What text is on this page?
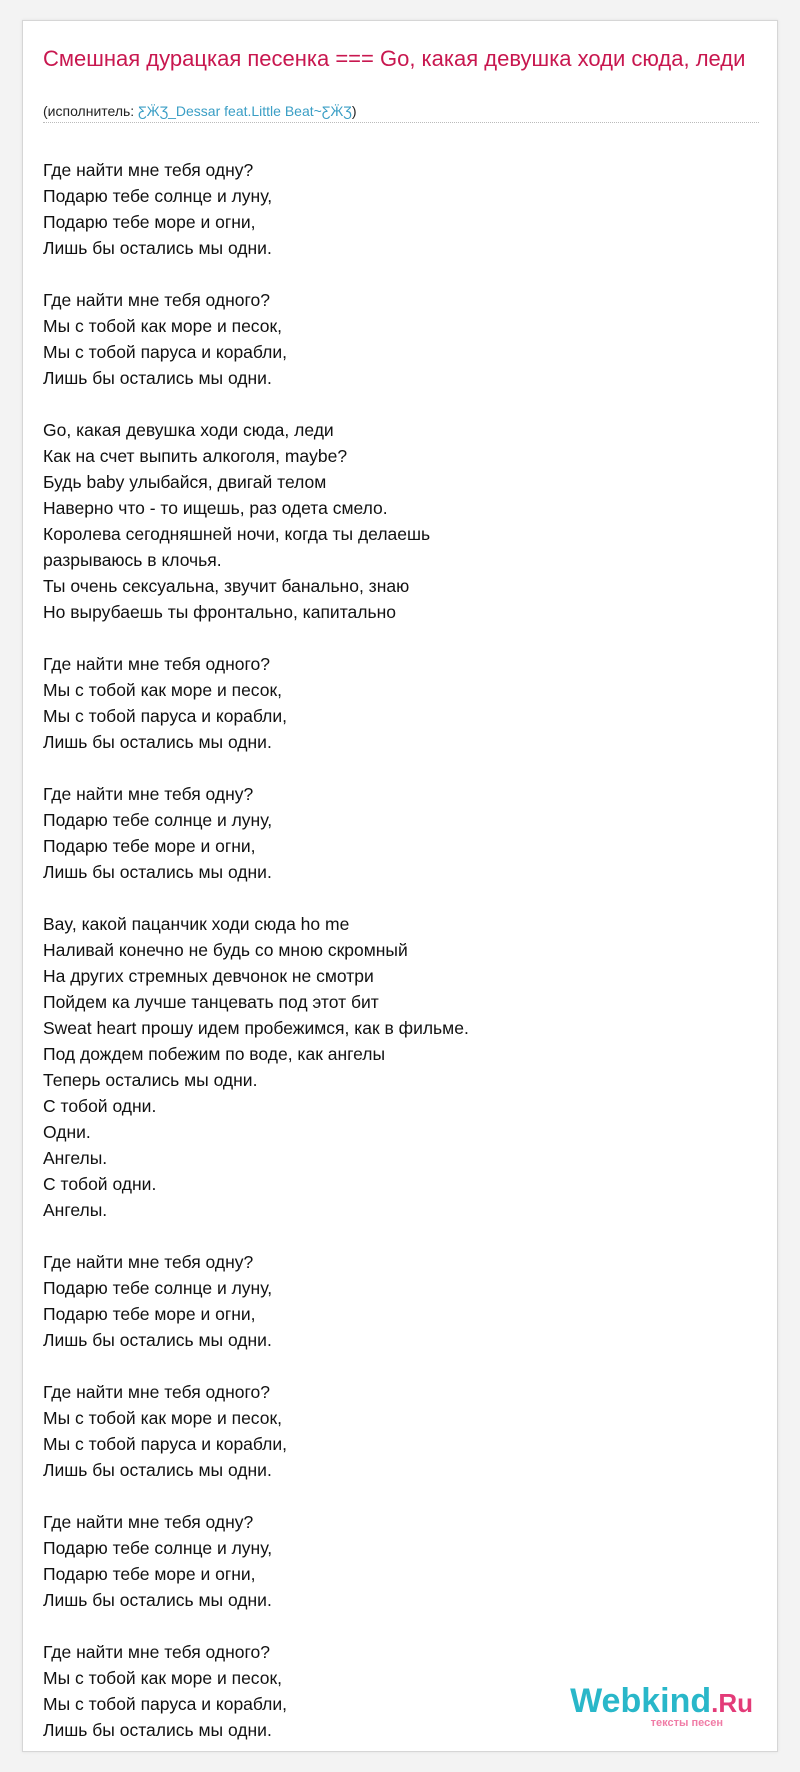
Смешная дурацкая песенка === Go, какая девушка ходи сюда, леди
(исполнитель: ƸӜƷ_Dessar feat.Little Beat~ƸӜƷ)
Где найти мне тебя одну?
Подарю тебе солнце и луну,
Подарю тебе море и огни,
Лишь бы остались мы одни.
Где найти мне тебя одного?
Мы с тобой как море и песок,
Мы с тобой паруса и корабли,
Лишь бы остались мы одни.
Go, какая девушка ходи сюда, леди
Как на счет выпить алкоголя, maybe?
Будь baby улыбайся, двигай телом
Наверно что - то ищешь, раз одета смело.
Королева сегодняшней ночи, когда ты делаешь
разрываюсь в клочья.
Ты очень сексуальна, звучит банально, знаю
Но вырубаешь ты фронтально, капитально
Где найти мне тебя одного?
Мы с тобой как море и песок,
Мы с тобой паруса и корабли,
Лишь бы остались мы одни.
Где найти мне тебя одну?
Подарю тебе солнце и луну,
Подарю тебе море и огни,
Лишь бы остались мы одни.
Bay, какой пацанчик ходи сюда ho me
Наливай конечно не будь со мною скромный
На других стремных девчонок не смотри
Пойдем ка лучше танцевать под этот бит
Sweat heart прошу идем пробежимся, как в фильме.
Под дождем побежим по воде, как ангелы
Теперь остались мы одни.
С тобой одни.
Одни.
Ангелы.
С тобой одни.
Ангелы.
Где найти мне тебя одну?
Подарю тебе солнце и луну,
Подарю тебе море и огни,
Лишь бы остались мы одни.
Где найти мне тебя одного?
Мы с тобой как море и песок,
Мы с тобой паруса и корабли,
Лишь бы остались мы одни.
Где найти мне тебя одну?
Подарю тебе солнце и луну,
Подарю тебе море и огни,
Лишь бы остались мы одни.
Где найти мне тебя одного?
Мы с тобой как море и песок,
Мы с тобой паруса и корабли,
Лишь бы остались мы одни.
Webkind.Ru
тексты песен
